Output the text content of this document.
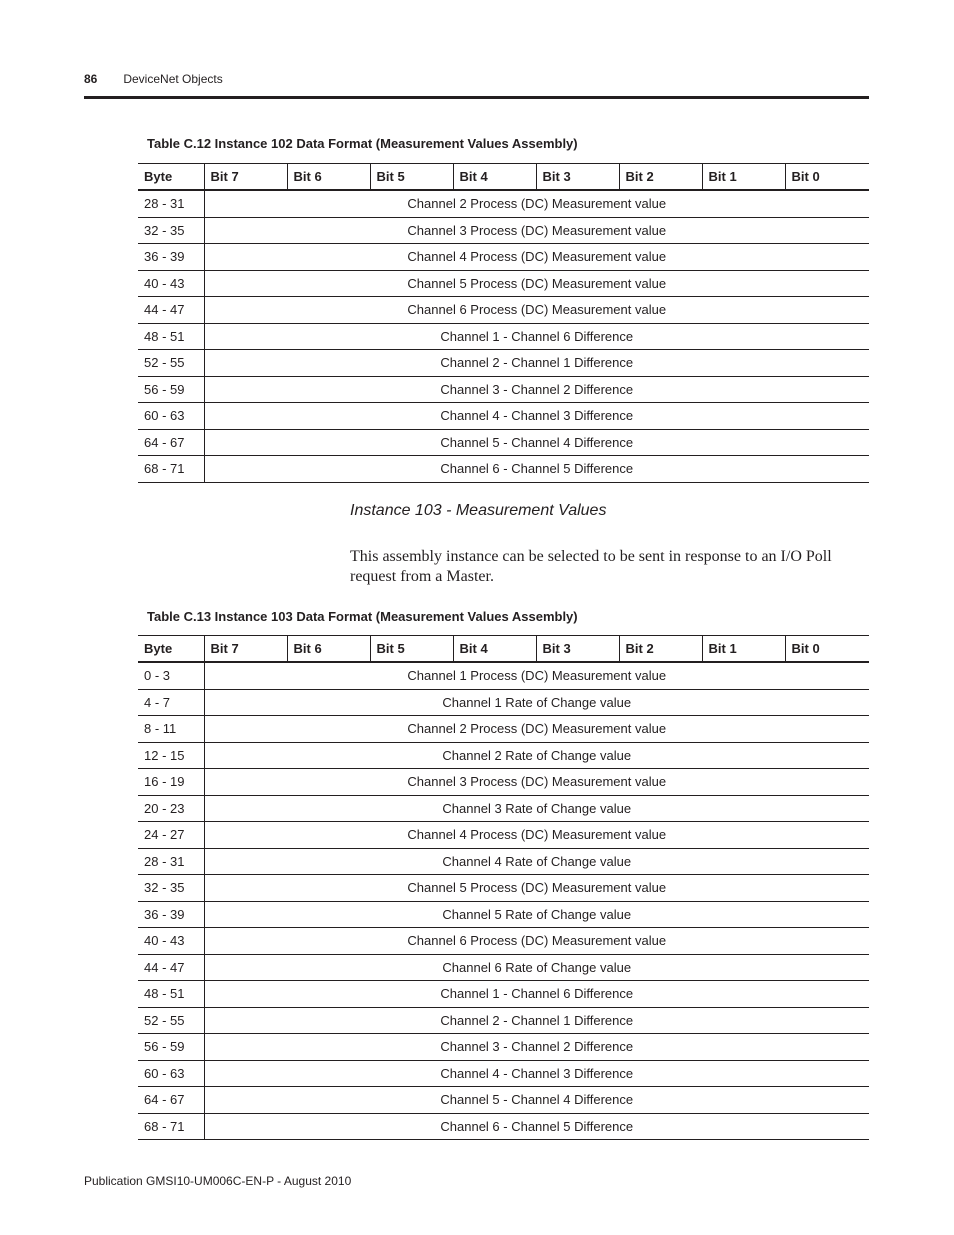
86 DeviceNet Objects
Table C.12 Instance 102 Data Format (Measurement Values Assembly)
Byte	Bit 7	Bit 6	Bit 5	Bit 4	Bit 3	Bit 2	Bit 1	Bit 0
28 - 31	Channel 2 Process (DC) Measurement value							
32 - 35	Channel 3 Process (DC) Measurement value							
36 - 39	Channel 4 Process (DC) Measurement value							
40 - 43	Channel 5 Process (DC) Measurement value							
44 - 47	Channel 6 Process (DC) Measurement value							
48 - 51	Channel 1 - Channel 6 Difference							
52 - 55	Channel 2 - Channel 1 Difference							
56 - 59	Channel 3 - Channel 2 Difference							
60 - 63	Channel 4 - Channel 3 Difference							
64 - 67	Channel 5 - Channel 4 Difference							
68 - 71	Channel 6 - Channel 5 Difference							
Instance 103 - Measurement Values
This assembly instance can be selected to be sent in response to an I/O Poll request from a Master.
Table C.13 Instance 103 Data Format (Measurement Values Assembly)
Byte	Bit 7	Bit 6	Bit 5	Bit 4	Bit 3	Bit 2	Bit 1	Bit 0
0 - 3	Channel 1 Process (DC) Measurement value							
4 - 7	Channel 1 Rate of Change value							
8 - 11	Channel 2 Process (DC) Measurement value							
12 - 15	Channel 2 Rate of Change value							
16 - 19	Channel 3 Process (DC) Measurement value							
20 - 23	Channel 3 Rate of Change value							
24 - 27	Channel 4 Process (DC) Measurement value							
28 - 31	Channel 4 Rate of Change value							
32 - 35	Channel 5 Process (DC) Measurement value							
36 - 39	Channel 5 Rate of Change value							
40 - 43	Channel 6 Process (DC) Measurement value							
44 - 47	Channel 6 Rate of Change value							
48 - 51	Channel 1 - Channel 6 Difference							
52 - 55	Channel 2 - Channel 1 Difference							
56 - 59	Channel 3 - Channel 2 Difference							
60 - 63	Channel 4 - Channel 3 Difference							
64 - 67	Channel 5 - Channel 4 Difference							
68 - 71	Channel 6 - Channel 5 Difference							
Publication GMSI10-UM006C-EN-P - August 2010
